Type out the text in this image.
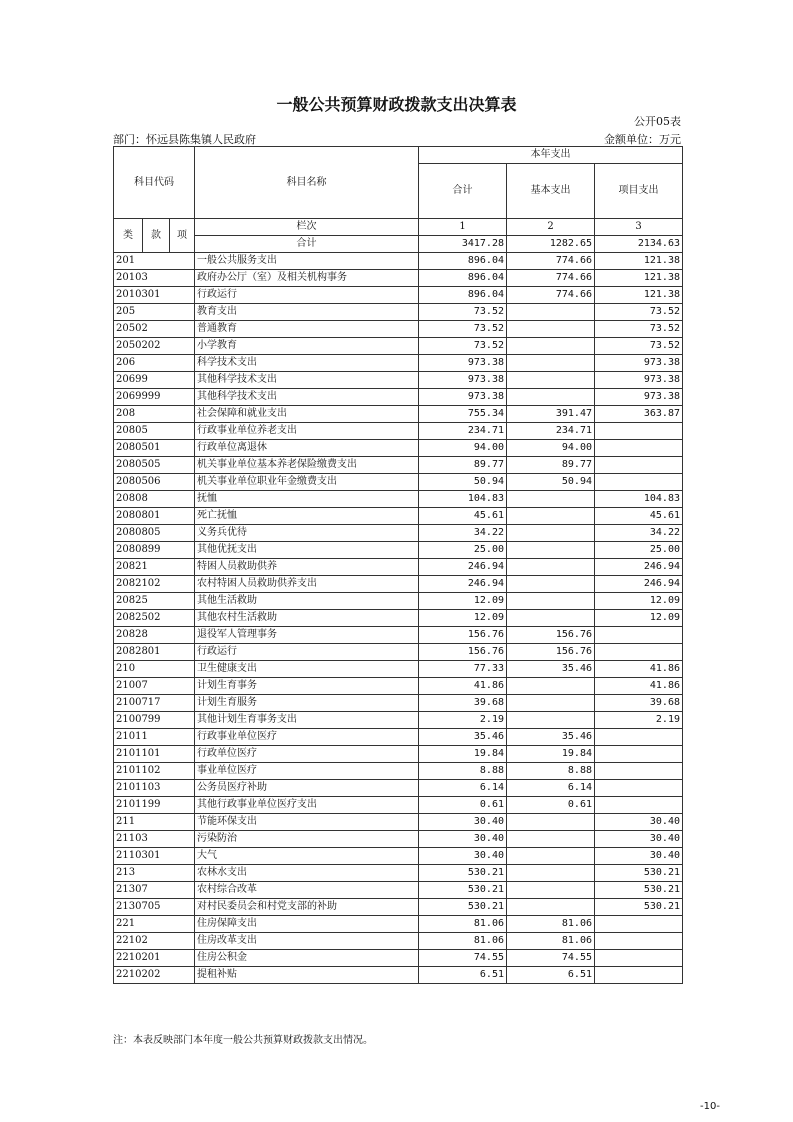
一般公共预算财政拨款支出决算表
公开05表
部门：怀远县陈集镇人民政府	金额单位：万元
科目代码			科目名称	本年支出		
				合计	基本支出	项目支出

类	款	项	栏次	1	2	3
			合计	3417.28	1282.65	2134.63
201			一般公共服务支出	896.04	774.66	121.38
20103			政府办公厅（室）及相关机构事务	896.04	774.66	121.38
2010301			行政运行	896.04	774.66	121.38
205			教育支出	73.52		73.52
20502			普通教育	73.52		73.52
2050202			小学教育	73.52		73.52
206			科学技术支出	973.38		973.38
20699			其他科学技术支出	973.38		973.38
2069999			其他科学技术支出	973.38		973.38
208			社会保障和就业支出	755.34	391.47	363.87
20805			行政事业单位养老支出	234.71	234.71	
2080501			行政单位离退休	94.00	94.00	
2080505			机关事业单位基本养老保险缴费支出	89.77	89.77	
2080506			机关事业单位职业年金缴费支出	50.94	50.94	
20808			抚恤	104.83		104.83
2080801			死亡抚恤	45.61		45.61
2080805			义务兵优待	34.22		34.22
2080899			其他优抚支出	25.00		25.00
20821			特困人员救助供养	246.94		246.94
2082102			农村特困人员救助供养支出	246.94		246.94
20825			其他生活救助	12.09		12.09
2082502			其他农村生活救助	12.09		12.09
20828			退役军人管理事务	156.76	156.76	
2082801			行政运行	156.76	156.76	
210			卫生健康支出	77.33	35.46	41.86
21007			计划生育事务	41.86		41.86
2100717			计划生育服务	39.68		39.68
2100799			其他计划生育事务支出	2.19		2.19
21011			行政事业单位医疗	35.46	35.46	
2101101			行政单位医疗	19.84	19.84	
2101102			事业单位医疗	8.88	8.88	
2101103			公务员医疗补助	6.14	6.14	
2101199			其他行政事业单位医疗支出	0.61	0.61	
211			节能环保支出	30.40		30.40
21103			污染防治	30.40		30.40
2110301			大气	30.40		30.40
213			农林水支出	530.21		530.21
21307			农村综合改革	530.21		530.21
2130705			对村民委员会和村党支部的补助	530.21		530.21
221			住房保障支出	81.06	81.06	
22102			住房改革支出	81.06	81.06	
2210201			住房公积金	74.55	74.55	
2210202			提租补贴	6.51	6.51	
注：本表反映部门本年度一般公共预算财政拨款支出情况。
-10-
